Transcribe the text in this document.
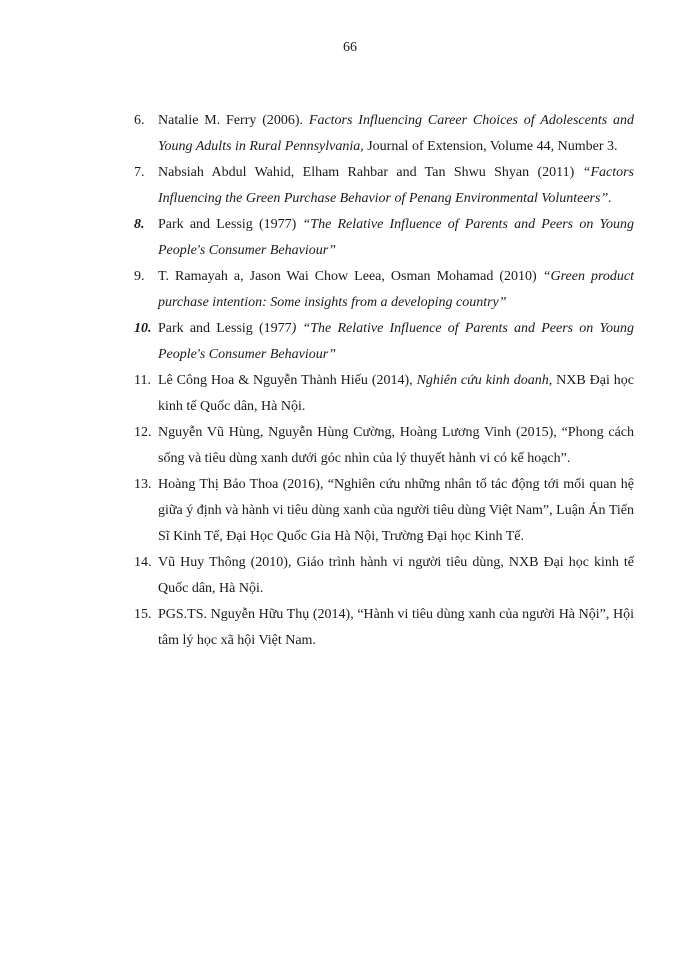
66
6. Natalie M. Ferry (2006). Factors Influencing Career Choices of Adolescents and Young Adults in Rural Pennsylvania, Journal of Extension, Volume 44, Number 3.
7. Nabsiah Abdul Wahid, Elham Rahbar and Tan Shwu Shyan (2011) “Factors Influencing the Green Purchase Behavior of Penang Environmental Volunteers”.
8. Park and Lessig (1977) “The Relative Influence of Parents and Peers on Young People's Consumer Behaviour”
9. T. Ramayah a, Jason Wai Chow Leea, Osman Mohamad (2010) “Green product purchase intention: Some insights from a developing country”
10. Park and Lessig (1977) “The Relative Influence of Parents and Peers on Young People's Consumer Behaviour”
11. Lê Công Hoa & Nguyễn Thành Hiếu (2014), Nghiên cứu kinh doanh, NXB Đại học kinh tế Quốc dân, Hà Nội.
12. Nguyễn Vũ Hùng, Nguyễn Hùng Cường, Hoàng Lương Vinh (2015), “Phong cách sống và tiêu dùng xanh dưới góc nhìn của lý thuyết hành vi có kế hoạch”.
13. Hoàng Thị Bảo Thoa (2016), “Nghiên cứu những nhân tố tác động tới mối quan hệ giữa ý định và hành vi tiêu dùng xanh của người tiêu dùng Việt Nam”, Luận Án Tiến Sĩ Kinh Tế, Đại Học Quốc Gia Hà Nội, Trường Đại học Kinh Tế.
14. Vũ Huy Thông (2010), Giáo trình hành vi người tiêu dùng, NXB Đại học kinh tế Quốc dân, Hà Nội.
15. PGS.TS. Nguyễn Hữu Thụ (2014), “Hành vi tiêu dùng xanh của người Hà Nội”, Hội tâm lý học xã hội Việt Nam.
